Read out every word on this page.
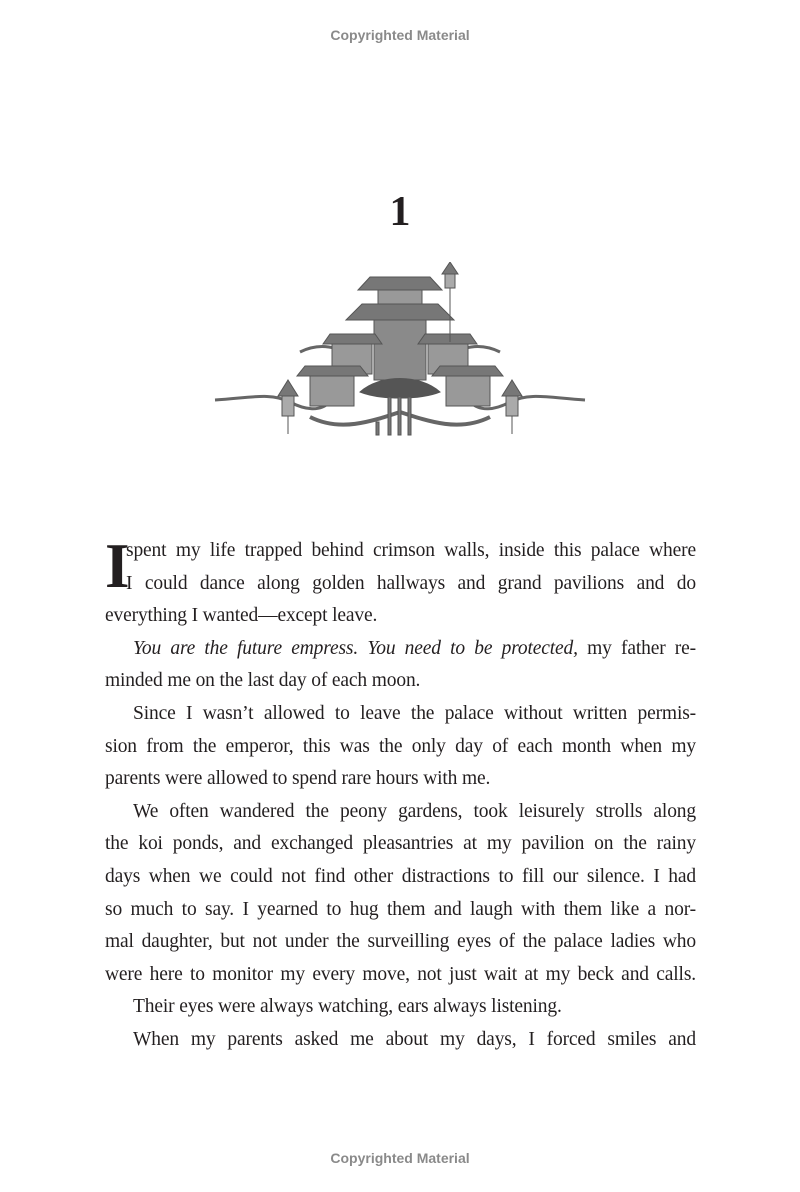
Copyrighted Material
1
I
spent my life trapped behind crimson walls, inside this palace where
I could dance along golden hallways and grand pavilions and do
everything I wanted—except leave.
You are the future empress. You need to be protected, my father re-
minded me on the last day of each moon.
Since I wasn’t allowed to leave the palace without written permis-
sion from the emperor, this was the only day of each month when my
parents were allowed to spend rare hours with me.
We often wandered the peony gardens, took leisurely strolls along
the koi ponds, and exchanged pleasantries at my pavilion on the rainy
days when we could not find other distractions to fill our silence. I had
so much to say. I yearned to hug them and laugh with them like a nor-
mal daughter, but not under the surveilling eyes of the palace ladies who
were here to monitor my every move, not just wait at my beck and calls.
Their eyes were always watching, ears always listening.
When my parents asked me about my days, I forced smiles and
Copyrighted Material
